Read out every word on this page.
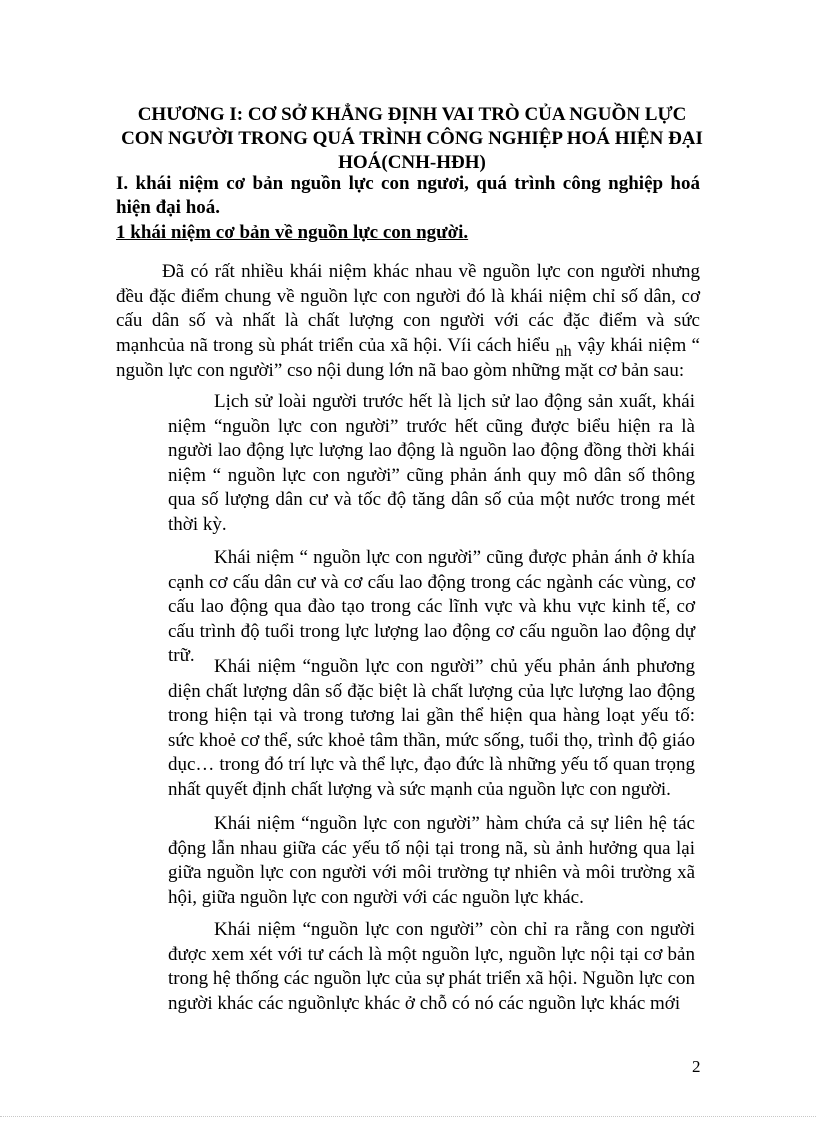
CHƯƠNG I: CƠ SỞ KHẲNG ĐỊNH VAI TRÒ CỦA NGUỒN LỰC
CON NGƯỜI TRONG QUÁ TRÌNH CÔNG NGHIỆP HOÁ HIỆN ĐẠI
HOÁ(CNH-HĐH)
I. khái niệm cơ bản nguồn lực con ngươi, quá trình công nghiệp hoá hiện đại hoá.
1 khái niệm cơ bản về nguồn lực con người.

Đã có rất nhiều khái niệm khác nhau về nguồn lực con người nhưng đều đặc điểm chung về nguồn lực con người đó là khái niệm chỉ số dân, cơ cấu dân số và nhất là chất lượng con người với các đặc điểm và sức mạnhcủa nã trong sù phát triển của xã hội. Víi cách hiểu $_{nh}$ vậy khái niệm “ nguồn lực con người” cso nội dung lớn nã bao gòm những mặt cơ bản sau:

Lịch sử loài người trước hết là lịch sử lao động sản xuất, khái niệm “nguồn lực con người” trước hết cũng được biểu hiện ra là người lao động lực lượng lao động là nguồn lao động đồng thời khái niệm “ nguồn lực con người” cũng phản ánh quy mô dân số thông qua số lượng dân cư và tốc độ tăng dân số của một nước trong mét thời kỳ.

Khái niệm “ nguồn lực con người” cũng được phản ánh ở khía cạnh cơ cấu dân cư và cơ cấu lao động trong các ngành các vùng, cơ cấu lao động qua đào tạo trong các lĩnh vực và khu vực kinh tế, cơ cấu trình độ tuổi trong lực lượng lao động cơ cấu nguồn lao động dự trữ.

Khái niệm “nguồn lực con người” chủ yếu phản ánh phương diện chất lượng dân số đặc biệt là chất lượng của lực lượng lao động trong hiện tại và trong tương lai gần thể hiện qua hàng loạt yếu tố: sức khoẻ cơ thể, sức khoẻ tâm thần, mức sống, tuổi thọ, trình độ giáo dục… trong đó trí lực và thể lực, đạo đức là những yếu tố quan trọng nhất quyết định chất lượng và sức mạnh của nguồn lực con người.

Khái niệm “nguồn lực con người” hàm chứa cả sự liên hệ tác động lẫn nhau giữa các yếu tố nội tại trong nã, sù ảnh hưởng qua lại giữa nguồn lực con người với môi trường tự nhiên và môi trường xã hội, giữa nguồn lực con người với các nguồn lực khác.

Khái niệm “nguồn lực con người” còn chỉ ra rằng con người được xem xét với tư cách là một nguồn lực, nguồn lực nội tại cơ bản trong hệ thống các nguồn lực của sự phát triển xã hội. Nguồn lực con người khác các nguồnlực khác ở chỗ có nó các nguồn lực khác mới

2
